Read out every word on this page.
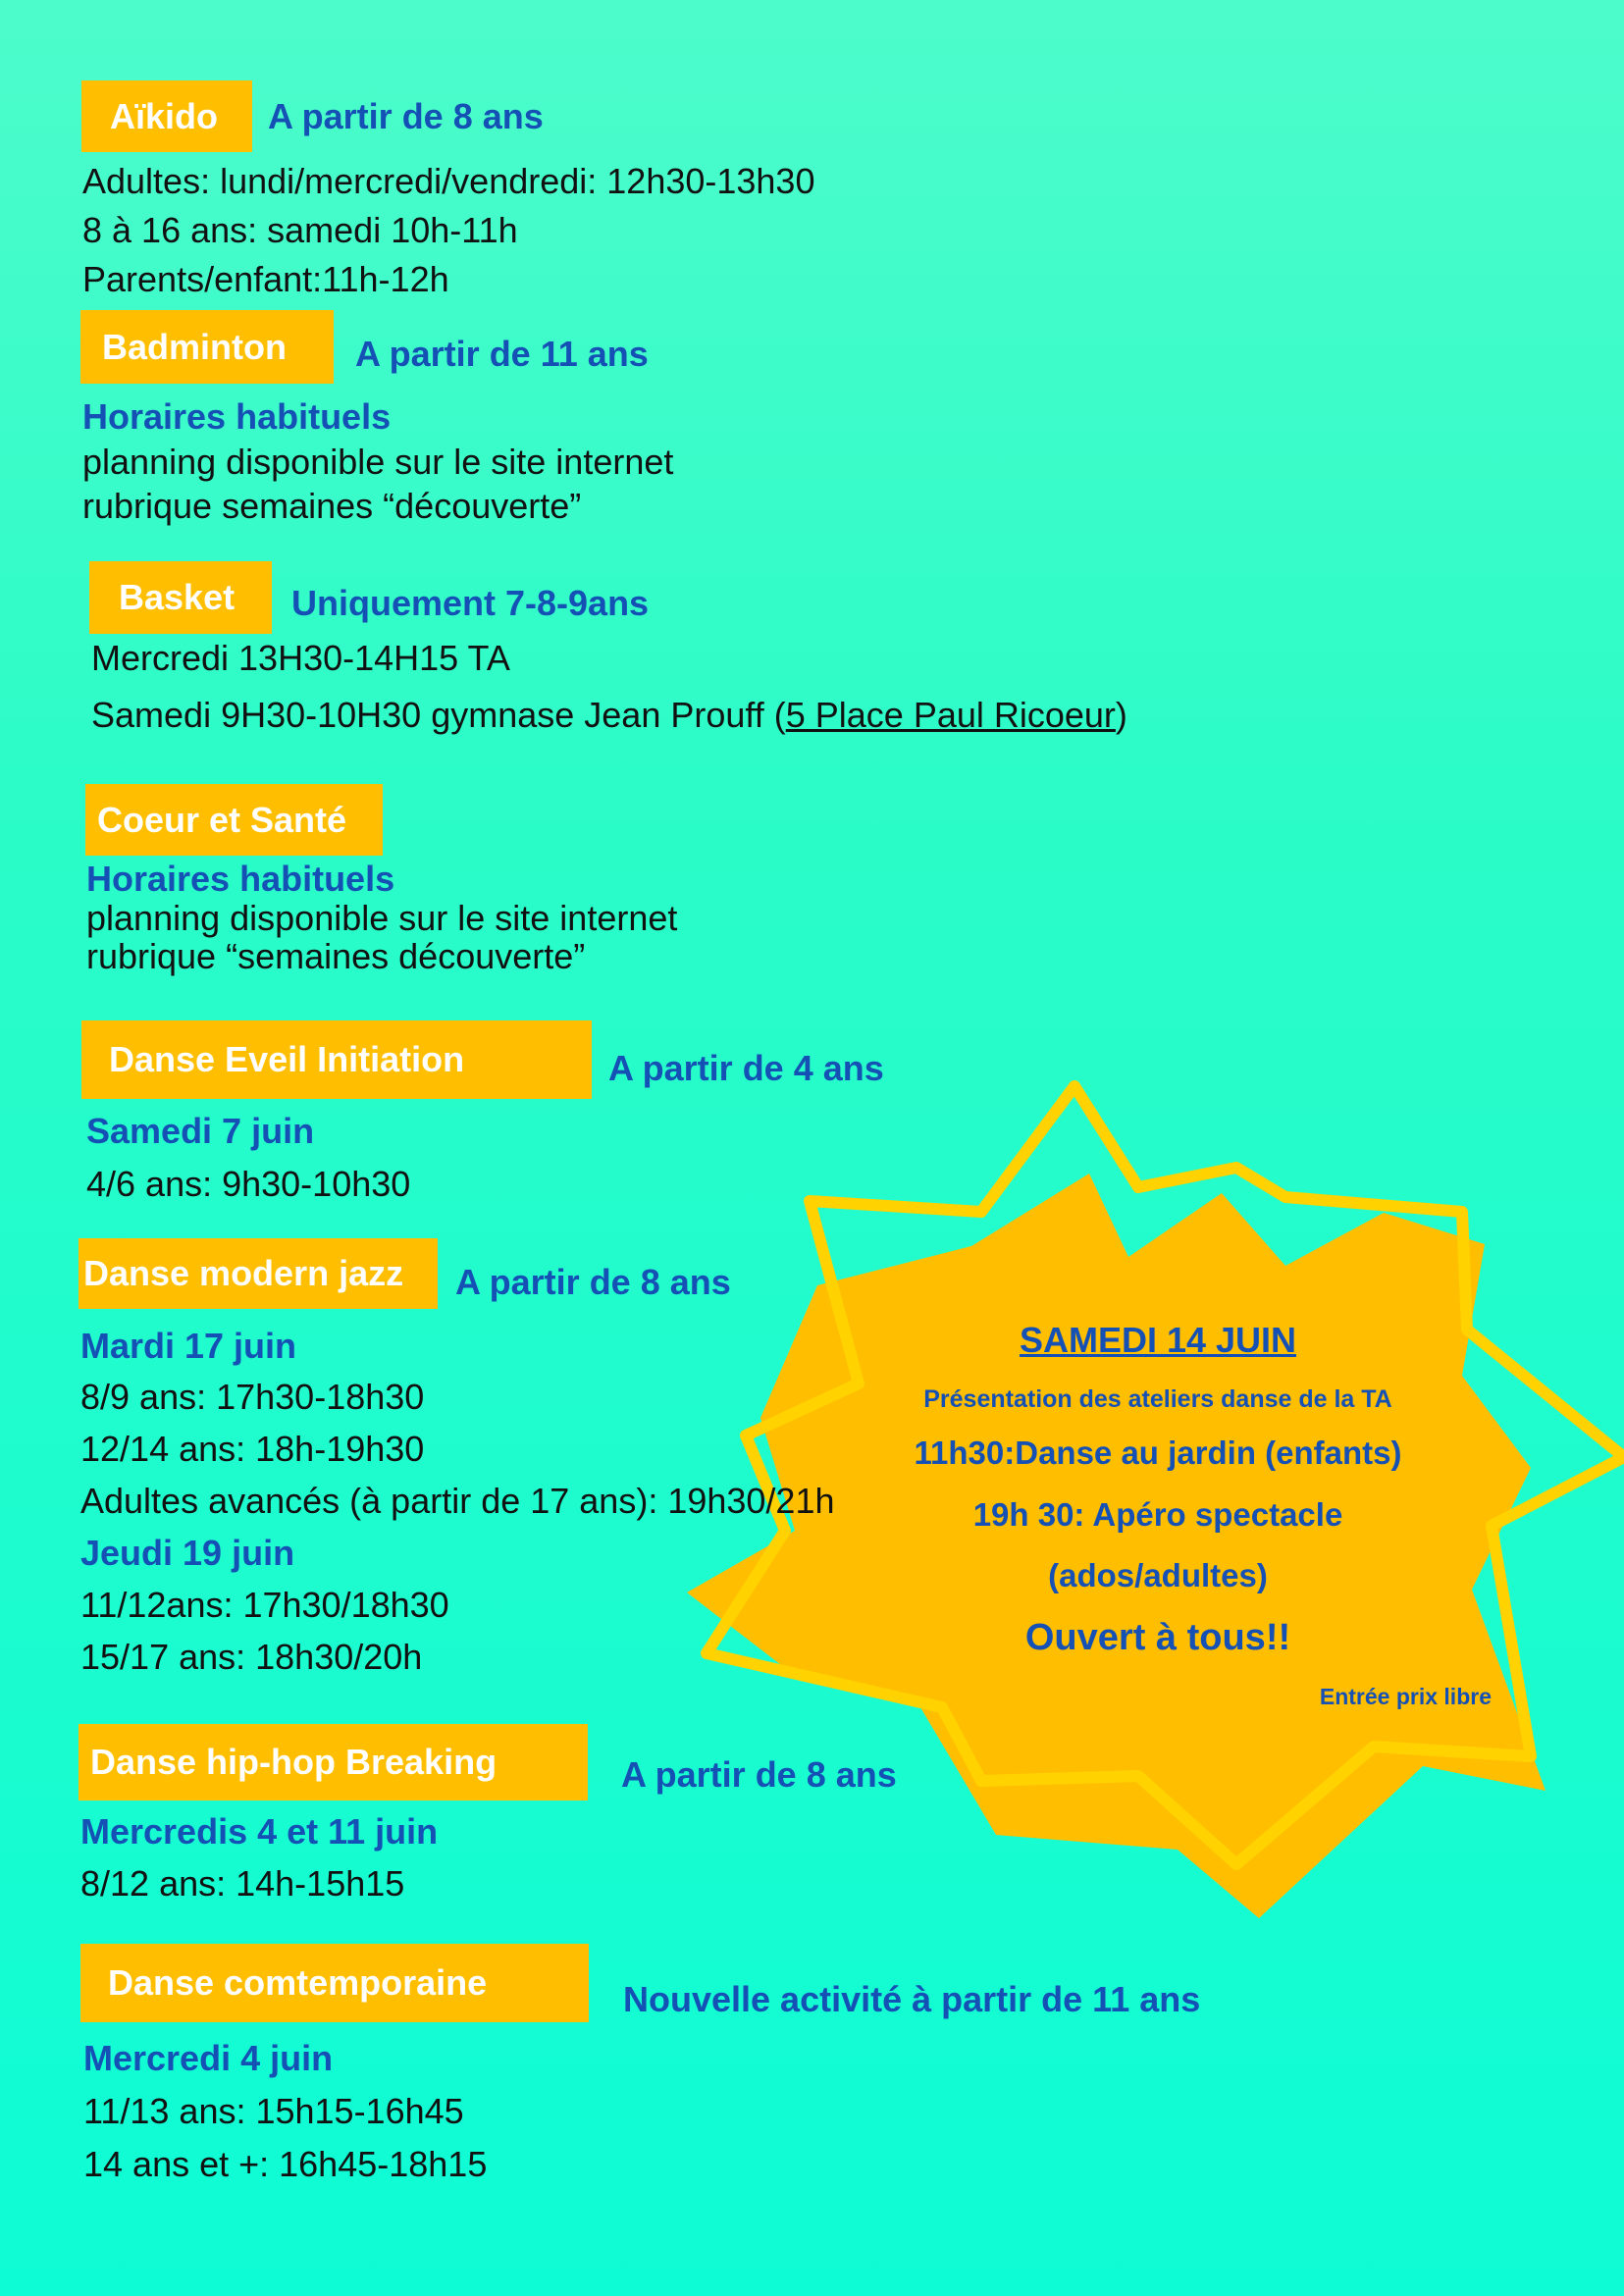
Aïkido A partir de 8 ans
Adultes: lundi/mercredi/vendredi: 12h30-13h30
8 à 16 ans: samedi 10h-11h
Parents/enfant:11h-12h
Badminton A partir de 11 ans
Horaires habituels
planning disponible sur le site internet
rubrique semaines “découverte”
Basket Uniquement 7-8-9ans
Mercredi 13H30-14H15 TA
Samedi 9H30-10H30 gymnase Jean Prouff (5 Place Paul Ricoeur)
Coeur et Santé
Horaires habituels
planning disponible sur le site internet
rubrique “semaines découverte”
Danse Eveil Initiation	A partir de 4 ans
Samedi 7 juin
4/6 ans: 9h30-10h30
Danse modern jazz A partir de 8 ans
Mardi 17 juin
8/9 ans: 17h30-18h30
12/14 ans: 18h-19h30
Adultes avancés (à partir de 17 ans): 19h30/21h
Jeudi 19 juin
11/12ans: 17h30/18h30
15/17 ans: 18h30/20h
Danse hip-hop Breaking	A partir de 8 ans
Mercredis 4 et 11 juin
8/12 ans: 14h-15h15
Danse comtemporaine	Nouvelle activité à partir de 11 ans
Mercredi 4 juin
11/13 ans: 15h15-16h45
14 ans et +: 16h45-18h15
SAMEDI 14 JUIN
Présentation des ateliers danse de la TA
11h30:Danse au jardin (enfants)
19h 30: Apéro spectacle
(ados/adultes)
Ouvert à tous!!
Entrée prix libre
